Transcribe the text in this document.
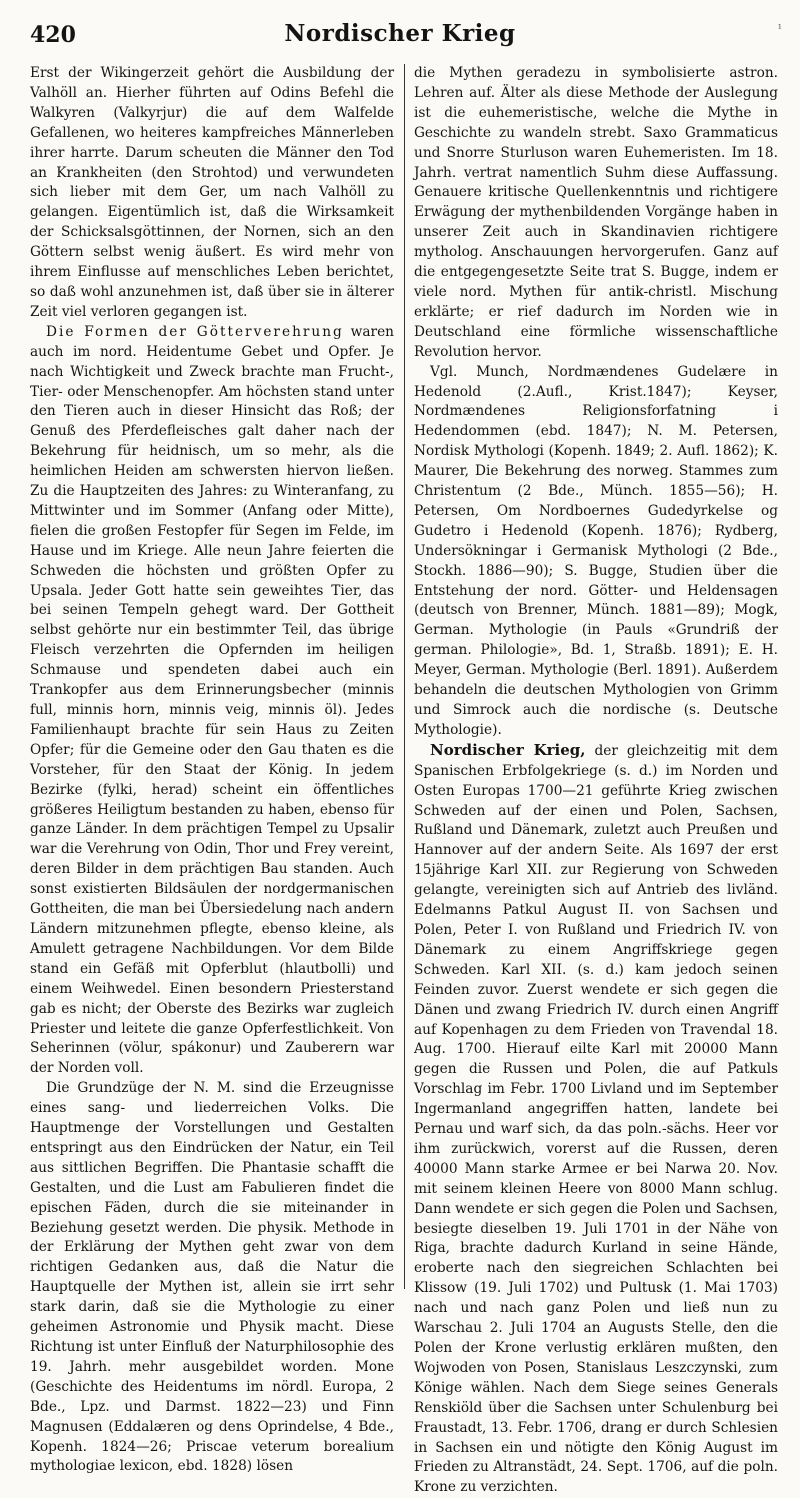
420	Nordischer Krieg	¹

Erst der Wikingerzeit gehört die Ausbildung der Valhöll an. Hierher führten auf Odins Befehl die Walkyren (Valkyrjur) die auf dem Walfelde Gefallenen, wo heiteres kampfreiches Männerleben ihrer harrte. Darum scheuten die Männer den Tod an Krankheiten (den Strohtod) und verwundeten sich lieber mit dem Ger, um nach Valhöll zu gelangen. Eigentümlich ist, daß die Wirksamkeit der Schicksalsgöttinnen, der Nornen, sich an den Göttern selbst wenig äußert. Es wird mehr von ihrem Einflusse auf menschliches Leben berichtet, so daß wohl anzunehmen ist, daß über sie in älterer Zeit viel verloren gegangen ist.

Die Formen der Götterverehrung waren auch im nord. Heidentume Gebet und Opfer. Je nach Wichtigkeit und Zweck brachte man Frucht-, Tier- oder Menschenopfer. Am höchsten stand unter den Tieren auch in dieser Hinsicht das Roß; der Genuß des Pferdefleisches galt daher nach der Bekehrung für heidnisch, um so mehr, als die heimlichen Heiden am schwersten hiervon ließen. Zu die Hauptzeiten des Jahres: zu Winteranfang, zu Mittwinter und im Sommer (Anfang oder Mitte), fielen die großen Festopfer für Segen im Felde, im Hause und im Kriege. Alle neun Jahre feierten die Schweden die höchsten und größten Opfer zu Upsala. Jeder Gott hatte sein geweihtes Tier, das bei seinen Tempeln gehegt ward. Der Gottheit selbst gehörte nur ein bestimmter Teil, das übrige Fleisch verzehrten die Opfernden im heiligen Schmause und spendeten dabei auch ein Trankopfer aus dem Erinnerungsbecher (minnis full, minnis horn, minnis veig, minnis öl). Jedes Familienhaupt brachte für sein Haus zu Zeiten Opfer; für die Gemeine oder den Gau thaten es die Vorsteher, für den Staat der König. In jedem Bezirke (fylki, herad) scheint ein öffentliches größeres Heiligtum bestanden zu haben, ebenso für ganze Länder. In dem prächtigen Tempel zu Upsalir war die Verehrung von Odin, Thor und Frey vereint, deren Bilder in dem prächtigen Bau standen. Auch sonst existierten Bildsäulen der nordgermanischen Gottheiten, die man bei Übersiedelung nach andern Ländern mitzunehmen pflegte, ebenso kleine, als Amulett getragene Nachbildungen. Vor dem Bilde stand ein Gefäß mit Opferblut (hlautbolli) und einem Weihwedel. Einen besondern Priesterstand gab es nicht; der Oberste des Bezirks war zugleich Priester und leitete die ganze Opferfestlichkeit. Von Seherinnen (völur, spákonur) und Zauberern war der Norden voll.

Die Grundzüge der N. M. sind die Erzeugnisse eines sang- und liederreichen Volks. Die Hauptmenge der Vorstellungen und Gestalten entspringt aus den Eindrücken der Natur, ein Teil aus sittlichen Begriffen. Die Phantasie schafft die Gestalten, und die Lust am Fabulieren findet die epischen Fäden, durch die sie miteinander in Beziehung gesetzt werden. Die physik. Methode in der Erklärung der Mythen geht zwar von dem richtigen Gedanken aus, daß die Natur die Hauptquelle der Mythen ist, allein sie irrt sehr stark darin, daß sie die Mythologie zu einer geheimen Astronomie und Physik macht. Diese Richtung ist unter Einfluß der Naturphilosophie des 19. Jahrh. mehr ausgebildet worden. Mone (Geschichte des Heidentums im nördl. Europa, 2 Bde., Lpz. und Darmst. 1822—23) und Finn Magnusen (Eddalæren og dens Oprindelse, 4 Bde., Kopenh. 1824—26; Priscae veterum borealium mythologiae lexicon, ebd. 1828) lösen

die Mythen geradezu in symbolisierte astron. Lehren auf. Älter als diese Methode der Auslegung ist die euhemeristische, welche die Mythe in Geschichte zu wandeln strebt. Saxo Grammaticus und Snorre Sturluson waren Euhemeristen. Im 18. Jahrh. vertrat namentlich Suhm diese Auffassung. Genauere kritische Quellenkenntnis und richtigere Erwägung der mythenbildenden Vorgänge haben in unserer Zeit auch in Skandinavien richtigere mytholog. Anschauungen hervorgerufen. Ganz auf die entgegengesetzte Seite trat S. Bugge, indem er viele nord. Mythen für antik-christl. Mischung erklärte; er rief dadurch im Norden wie in Deutschland eine förmliche wissenschaftliche Revolution hervor.

Vgl. Munch, Nordmændenes Gudelære in Hedenold (2.Aufl., Krist.1847); Keyser, Nordmændenes Religionsforfatning i Hedendommen (ebd. 1847); N. M. Petersen, Nordisk Mythologi (Kopenh. 1849; 2. Aufl. 1862); K. Maurer, Die Bekehrung des norweg. Stammes zum Christentum (2 Bde., Münch. 1855—56); H. Petersen, Om Nordboernes Gudedyrkelse og Gudetro i Hedenold (Kopenh. 1876); Rydberg, Undersökningar i Germanisk Mythologi (2 Bde., Stockh. 1886—90); S. Bugge, Studien über die Entstehung der nord. Götter- und Heldensagen (deutsch von Brenner, Münch. 1881—89); Mogk, German. Mythologie (in Pauls «Grundriß der german. Philologie», Bd. 1, Straßb. 1891); E. H. Meyer, German. Mythologie (Berl. 1891). Außerdem behandeln die deutschen Mythologien von Grimm und Simrock auch die nordische (s. Deutsche Mythologie).

Nordischer Krieg, der gleichzeitig mit dem Spanischen Erbfolgekriege (s. d.) im Norden und Osten Europas 1700—21 geführte Krieg zwischen Schweden auf der einen und Polen, Sachsen, Rußland und Dänemark, zuletzt auch Preußen und Hannover auf der andern Seite. Als 1697 der erst 15jährige Karl XII. zur Regierung von Schweden gelangte, vereinigten sich auf Antrieb des livländ. Edelmanns Patkul August II. von Sachsen und Polen, Peter I. von Rußland und Friedrich IV. von Dänemark zu einem Angriffskriege gegen Schweden. Karl XII. (s. d.) kam jedoch seinen Feinden zuvor. Zuerst wendete er sich gegen die Dänen und zwang Friedrich IV. durch einen Angriff auf Kopenhagen zu dem Frieden von Travendal 18. Aug. 1700. Hierauf eilte Karl mit 20000 Mann gegen die Russen und Polen, die auf Patkuls Vorschlag im Febr. 1700 Livland und im September Ingermanland angegriffen hatten, landete bei Pernau und warf sich, da das poln.-sächs. Heer vor ihm zurückwich, vorerst auf die Russen, deren 40000 Mann starke Armee er bei Narwa 20. Nov. mit seinem kleinen Heere von 8000 Mann schlug. Dann wendete er sich gegen die Polen und Sachsen, besiegte dieselben 19. Juli 1701 in der Nähe von Riga, brachte dadurch Kurland in seine Hände, eroberte nach den siegreichen Schlachten bei Klissow (19. Juli 1702) und Pultusk (1. Mai 1703) nach und nach ganz Polen und ließ nun zu Warschau 2. Juli 1704 an Augusts Stelle, den die Polen der Krone verlustig erklären mußten, den Wojwoden von Posen, Stanislaus Leszczynski, zum Könige wählen. Nach dem Siege seines Generals Renskiöld über die Sachsen unter Schulenburg bei Fraustadt, 13. Febr. 1706, drang er durch Schlesien in Sachsen ein und nötigte den König August im Frieden zu Altranstädt, 24. Sept. 1706, auf die poln. Krone zu verzichten.
